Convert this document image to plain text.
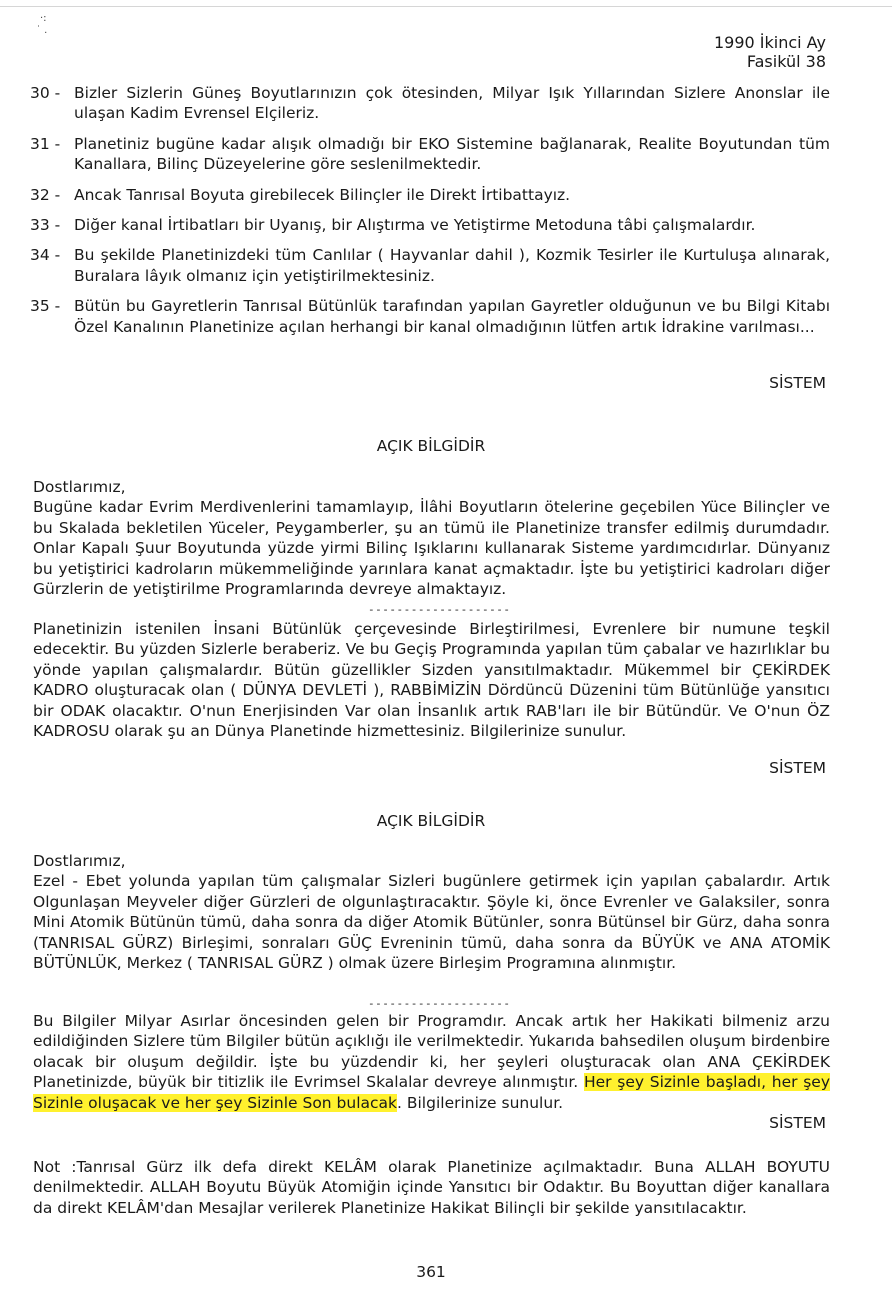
·:
˙ .
1990 İkinci Ay
Fasikül 38
30 - Bizler Sizlerin Güneş Boyutlarınızın çok ötesinden, Milyar Işık Yıllarından Sizlere Anonslar ile ulaşan Kadim Evrensel Elçileriz.
31 - Planetiniz bugüne kadar alışık olmadığı bir EKO Sistemine bağlanarak, Realite Boyutundan tüm Kanallara, Bilinç Düzeyelerine göre seslenilmektedir.
32 - Ancak Tanrısal Boyuta girebilecek Bilinçler ile Direkt İrtibattayız.
33 - Diğer kanal İrtibatları bir Uyanış, bir Alıştırma ve Yetiştirme Metoduna tâbi çalışmalardır.
34 - Bu şekilde Planetinizdeki tüm Canlılar ( Hayvanlar dahil ), Kozmik Tesirler ile Kurtuluşa alınarak, Buralara lâyık olmanız için yetiştirilmektesiniz.
35 - Bütün bu Gayretlerin Tanrısal Bütünlük tarafından yapılan Gayretler olduğunun ve bu Bilgi Kitabı Özel Kanalının Planetinize açılan herhangi bir kanal olmadığının lütfen artık İdrakine varılması...
SİSTEM
AÇIK BİLGİDİR

Dostlarımız,

Bugüne kadar Evrim Merdivenlerini tamamlayıp, İlâhi Boyutların ötelerine geçebilen Yüce Bilinçler ve bu Skalada bekletilen Yüceler, Peygamberler, şu an tümü ile Planetinize transfer edilmiş durumdadır. Onlar Kapalı Şuur Boyutunda yüzde yirmi Bilinç Işıklarını kullanarak Sisteme yardımcıdırlar. Dünyanız bu yetiştirici kadroların mükemmeliğinde yarınlara kanat açmaktadır. İşte bu yetiştirici kadroları diğer Gürzlerin de yetiştirilme Programlarında devreye almaktayız.

--------------------

Planetinizin istenilen İnsani Bütünlük çerçevesinde Birleştirilmesi, Evrenlere bir numune teşkil edecektir. Bu yüzden Sizlerle beraberiz. Ve bu Geçiş Programında yapılan tüm çabalar ve hazırlıklar bu yönde yapılan çalışmalardır. Bütün güzellikler Sizden yansıtılmaktadır. Mükemmel bir ÇEKİRDEK KADRO oluşturacak olan ( DÜNYA DEVLETİ ), RABBİMİZİN Dördüncü Düzenini tüm Bütünlüğe yansıtıcı bir ODAK olacaktır. O'nun Enerjisinden Var olan İnsanlık artık RAB'ları ile bir Bütündür. Ve O'nun ÖZ KADROSU olarak şu an Dünya Planetinde hizmettesiniz. Bilgilerinize sunulur.

SİSTEM
AÇIK BİLGİDİR

Dostlarımız,

Ezel - Ebet yolunda yapılan tüm çalışmalar Sizleri bugünlere getirmek için yapılan çabalardır. Artık Olgunlaşan Meyveler diğer Gürzleri de olgunlaştıracaktır. Şöyle ki, önce Evrenler ve Galaksiler, sonra Mini Atomik Bütünün tümü, daha sonra da diğer Atomik Bütünler, sonra Bütünsel bir Gürz, daha sonra (TANRISAL GÜRZ) Birleşimi, sonraları GÜÇ Evreninin tümü, daha sonra da BÜYÜK ve ANA ATOMİK BÜTÜNLÜK, Merkez ( TANRISAL GÜRZ ) olmak üzere Birleşim Programına alınmıştır.

--------------------

Bu Bilgiler Milyar Asırlar öncesinden gelen bir Programdır. Ancak artık her Hakikati bilmeniz arzu edildiğinden Sizlere tüm Bilgiler bütün açıklığı ile verilmektedir. Yukarıda bahsedilen oluşum birdenbire olacak bir oluşum değildir. İşte bu yüzdendir ki, her şeyleri oluşturacak olan ANA ÇEKİRDEK Planetinizde, büyük bir titizlik ile Evrimsel Skalalar devreye alınmıştır. Her şey Sizinle başladı, her şey Sizinle oluşacak ve her şey Sizinle Son bulacak. Bilgilerinize sunulur.

SİSTEM

Not :Tanrısal Gürz ilk defa direkt KELÂM olarak Planetinize açılmaktadır. Buna ALLAH BOYUTU denilmektedir. ALLAH Boyutu Büyük Atomiğin içinde Yansıtıcı bir Odaktır. Bu Boyuttan diğer kanallara da direkt KELÂM'dan Mesajlar verilerek Planetinize Hakikat Bilinçli bir şekilde yansıtılacaktır.

361
